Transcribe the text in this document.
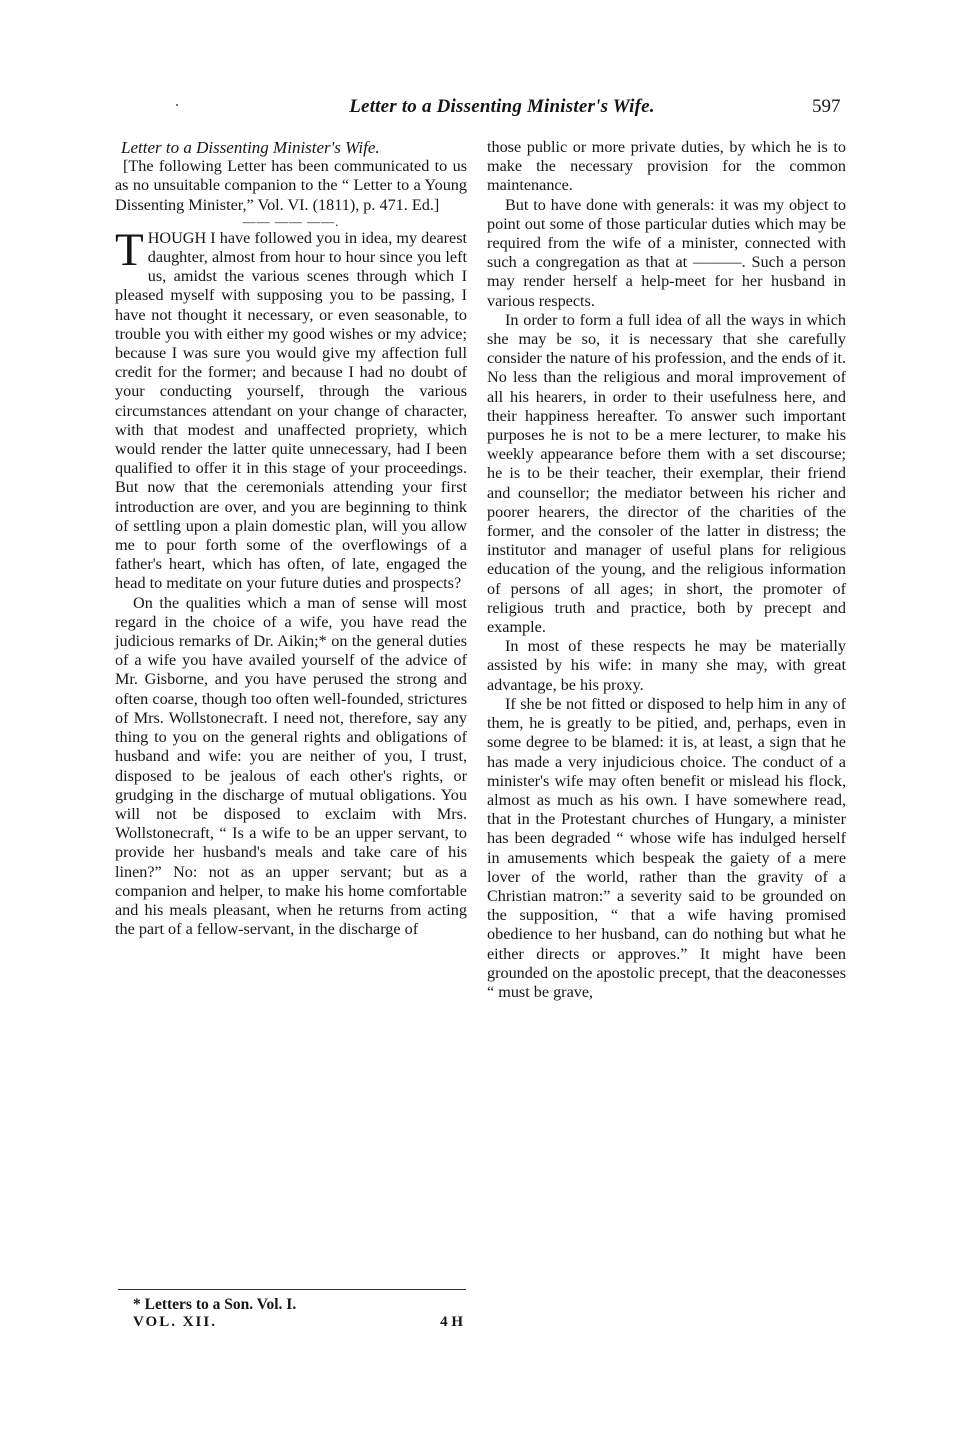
Letter to a Dissenting Minister's Wife.	597

Letter to a Dissenting Minister's Wife.

[The following Letter has been communicated to us as no unsuitable companion to the “ Letter to a Young Dissenting Minister,” Vol. VI. (1811), p. 471. Ed.]

—— —— ——.

THOUGH I have followed you in idea, my dearest daughter, almost from hour to hour since you left us, amidst the various scenes through which I pleased myself with supposing you to be passing, I have not thought it necessary, or even seasonable, to trouble you with either my good wishes or my advice; because I was sure you would give my affection full credit for the former; and because I had no doubt of your conducting yourself, through the various circumstances attendant on your change of character, with that modest and unaffected propriety, which would render the latter quite unnecessary, had I been qualified to offer it in this stage of your proceedings. But now that the ceremonials attending your first introduction are over, and you are beginning to think of settling upon a plain domestic plan, will you allow me to pour forth some of the overflowings of a father's heart, which has often, of late, engaged the head to meditate on your future duties and prospects?

On the qualities which a man of sense will most regard in the choice of a wife, you have read the judicious remarks of Dr. Aikin;* on the general duties of a wife you have availed yourself of the advice of Mr. Gisborne, and you have perused the strong and often coarse, though too often well-founded, strictures of Mrs. Wollstonecraft. I need not, therefore, say any thing to you on the general rights and obligations of husband and wife: you are neither of you, I trust, disposed to be jealous of each other's rights, or grudging in the discharge of mutual obligations. You will not be disposed to exclaim with Mrs. Wollstonecraft, “ Is a wife to be an upper servant, to provide her husband's meals and take care of his linen?” No: not as an upper servant; but as a companion and helper, to make his home comfortable and his meals pleasant, when he returns from acting the part of a fellow-servant, in the discharge of

those public or more private duties, by which he is to make the necessary provision for the common maintenance.

But to have done with generals: it was my object to point out some of those particular duties which may be required from the wife of a minister, connected with such a congregation as that at ———. Such a person may render herself a help-meet for her husband in various respects.

In order to form a full idea of all the ways in which she may be so, it is necessary that she carefully consider the nature of his profession, and the ends of it. No less than the religious and moral improvement of all his hearers, in order to their usefulness here, and their happiness hereafter. To answer such important purposes he is not to be a mere lecturer, to make his weekly appearance before them with a set discourse; he is to be their teacher, their exemplar, their friend and counsellor; the mediator between his richer and poorer hearers, the director of the charities of the former, and the consoler of the latter in distress; the institutor and manager of useful plans for religious education of the young, and the religious information of persons of all ages; in short, the promoter of religious truth and practice, both by precept and example.

In most of these respects he may be materially assisted by his wife: in many she may, with great advantage, be his proxy.

If she be not fitted or disposed to help him in any of them, he is greatly to be pitied, and, perhaps, even in some degree to be blamed: it is, at least, a sign that he has made a very injudicious choice. The conduct of a minister's wife may often benefit or mislead his flock, almost as much as his own. I have somewhere read, that in the Protestant churches of Hungary, a minister has been degraded “ whose wife has indulged herself in amusements which bespeak the gaiety of a mere lover of the world, rather than the gravity of a Christian matron:” a severity said to be grounded on the supposition, “ that a wife having promised obedience to her husband, can do nothing but what he either directs or approves.” It might have been grounded on the apostolic precept, that the deaconesses “ must be grave,

* Letters to a Son. Vol. I.
VOL. XII.	4 H
